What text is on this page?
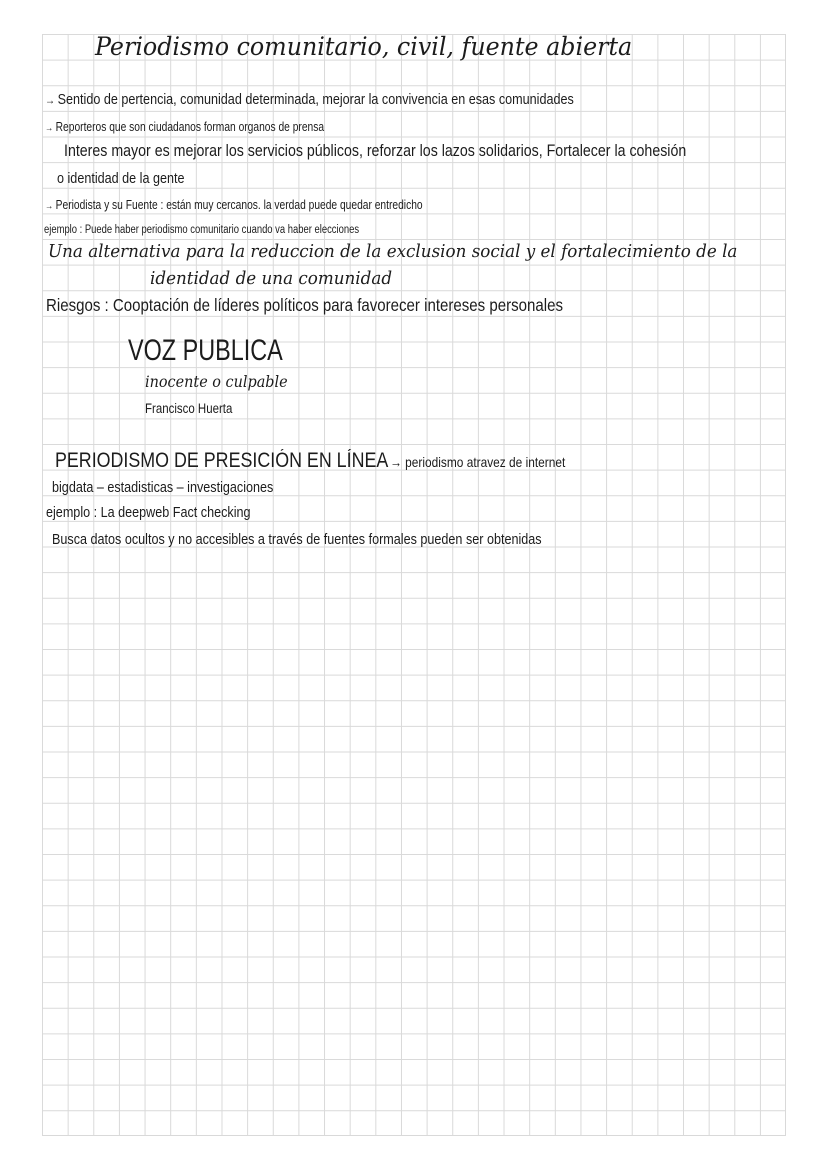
Periodismo comunitario, civil, fuente abierta
→ Sentido de pertencia, comunidad determinada, mejorar la convivencia en esas comunidades
→ Reporteros que son ciudadanos forman organos de prensa
Interes mayor es mejorar los servicios públicos, reforzar los lazos solidarios, Fortalecer la cohesión
o identidad de la gente
→ Periodista y su Fuente : están muy cercanos. la verdad puede quedar entredicho
ejemplo : Puede haber periodismo comunitario cuando va haber elecciones
Una alternativa para la reduccion de la exclusion social y el fortalecimiento de la
identidad de una comunidad
Riesgos : Cooptación de líderes políticos para favorecer intereses personales
VOZ PUBLICA
inocente o culpable
Francisco Huerta
PERIODISMO DE PRESICIÓN EN LÍNEA → periodismo atravez de internet
bigdata – estadisticas – investigaciones
ejemplo : La deepweb Fact checking
Busca datos ocultos y no accesibles a través de fuentes formales pueden ser obtenidas
